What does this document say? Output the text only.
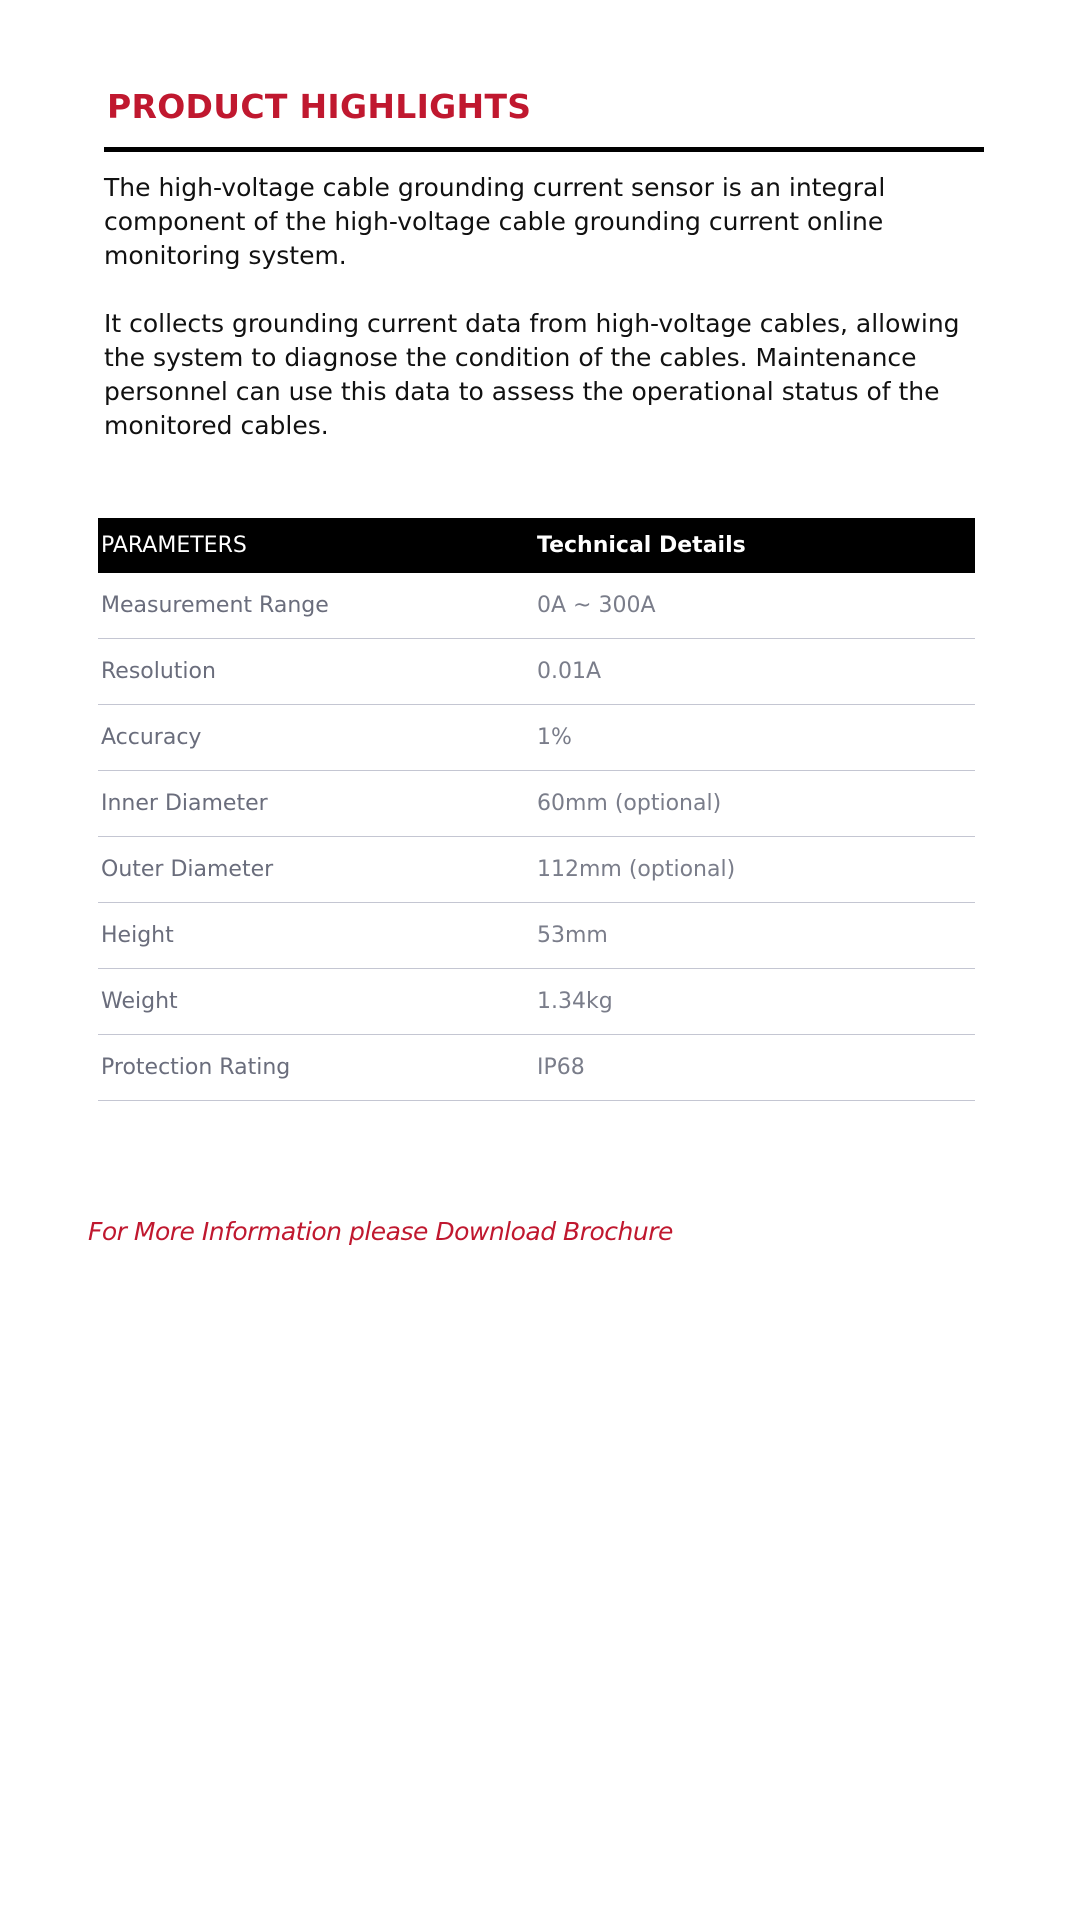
PRODUCT HIGHLIGHTS

The high-voltage cable grounding current sensor is an integral component of the high-voltage cable grounding current online monitoring system.

It collects grounding current data from high-voltage cables, allowing the system to diagnose the condition of the cables. Maintenance personnel can use this data to assess the operational status of the monitored cables.

PARAMETERS	Technical Details
Measurement Range	0A ~ 300A
Resolution	0.01A
Accuracy	1%
Inner Diameter	60mm (optional)
Outer Diameter	112mm (optional)
Height	53mm
Weight	1.34kg
Protection Rating	IP68
For More Information please Download Brochure
